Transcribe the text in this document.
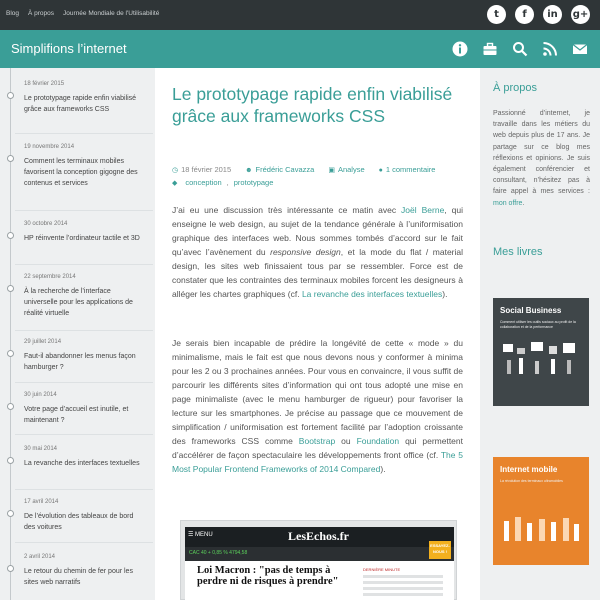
Blog À propos Journée Mondiale de l'Utilisabilité	t	f	in	g+
Simplifions l’internet
18 février 2015
Le prototypage rapide enfin viabilisé grâce aux frameworks CSS
19 novembre 2014
Comment les terminaux mobiles favorisent la conception gigogne des contenus et services
30 octobre 2014
HP réinvente l’ordinateur tactile et 3D
22 septembre 2014
À la recherche de l’interface universelle pour les applications de réalité virtuelle
29 juillet 2014
Faut-il abandonner les menus façon hamburger ?
30 juin 2014
Votre page d’accueil est inutile, et maintenant ?
30 mai 2014
La revanche des interfaces textuelles
17 avril 2014
De l’évolution des tableaux de bord des voitures
2 avril 2014
Le retour du chemin de fer pour les sites web narratifs
Le prototypage rapide enfin viabilisé grâce aux frameworks CSS
◷ 18 février 2015 ☻ Frédéric Cavazza ▣ Analyse ● 1 commentaire
◆ conception , prototypage
J’ai eu une discussion très intéressante ce matin avec Joël Berne, qui enseigne le web design, au sujet de la tendance générale à l’uniformisation graphique des interfaces web. Nous sommes tombés d’accord sur le fait qu’avec l’avènement du responsive design, et la mode du flat / material design, les sites web finissaient tous par se ressembler. Force est de constater que les contraintes des terminaux mobiles forcent les designeurs à alléger les chartes graphiques (cf. La revanche des interfaces textuelles).
Je serais bien incapable de prédire la longévité de cette « mode » du minimalisme, mais le fait est que nous devons nous y conformer à minima pour les 2 ou 3 prochaines années. Pour vous en convaincre, il vous suffit de parcourir les différents sites d’information qui ont tous adopté une mise en page minimaliste (avec le menu hamburger de rigueur) pour favoriser la lecture sur les smartphones. Je précise au passage que ce mouvement de simplification / uniformisation est fortement facilité par l’adoption croissante des frameworks CSS comme Bootstrap ou Foundation qui permettent d’accélérer de façon spectaculaire les développements front office (cf. The 5 Most Popular Frontend Frameworks of 2014 Compared).
☰ MENU	LesEchos.fr
CAC 40 + 0,85 % 4794,58
ESSAYEZ-NOUS !
Loi Macron : "pas de temps à perdre ni de risques à prendre"
DERNIÈRE MINUTE
À propos
Passionné d’internet, je travaille dans les métiers du web depuis plus de 17 ans. Je partage sur ce blog mes réflexions et opinions. Je suis également conférencier et consultant, n’hésitez pas à faire appel à mes services : mon offre.
Mes livres
Social Business
Comment utiliser les outils sociaux au profit de la collaboration et de la performance
Internet mobile
La révolution des terminaux ultramobiles
